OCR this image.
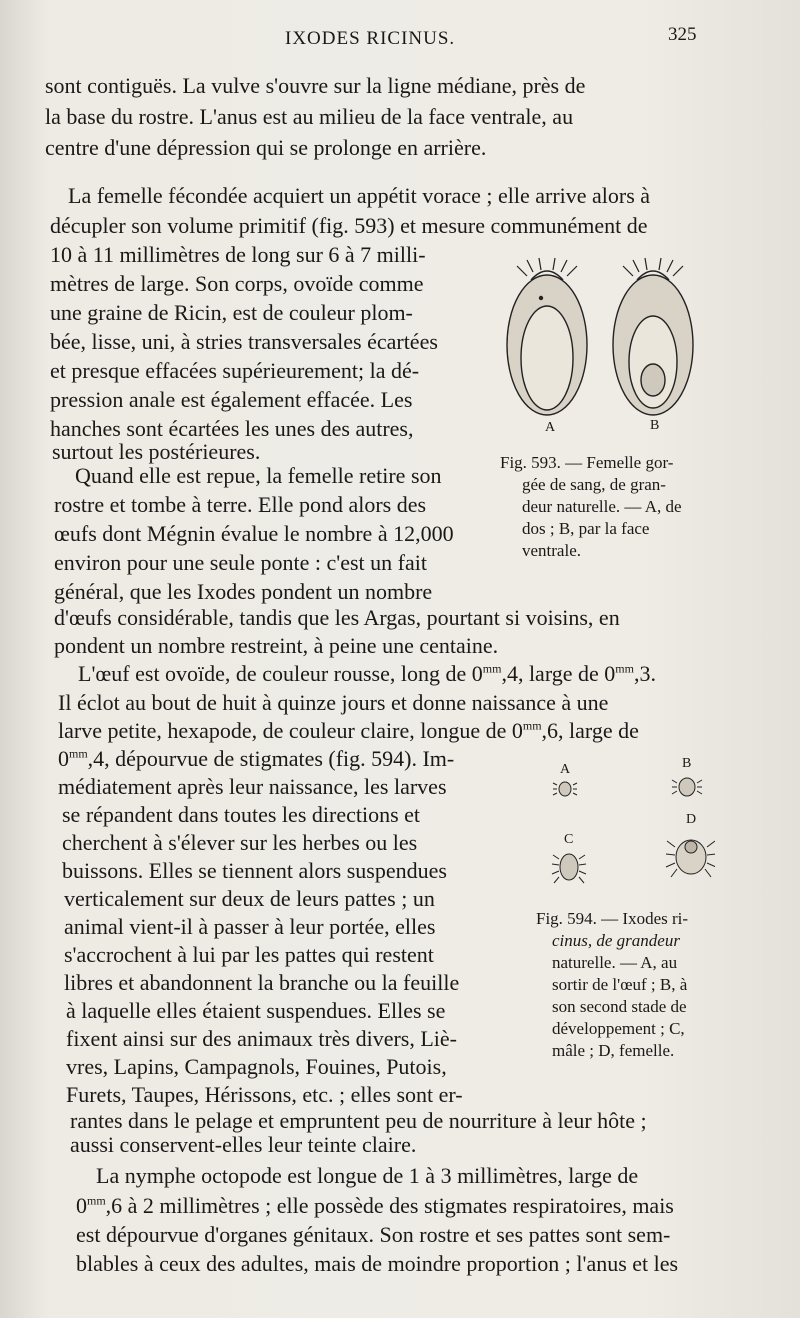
IXODES RICINUS.	325
sont contiguës. La vulve s'ouvre sur la ligne médiane, près de
la base du rostre. L'anus est au milieu de la face ventrale, au
centre d'une dépression qui se prolonge en arrière.
La femelle fécondée acquiert un appétit vorace ; elle arrive alors à
décupler son volume primitif (fig. 593) et mesure communément de
10 à 11 millimètres de long sur 6 à 7 milli-
mètres de large. Son corps, ovoïde comme
une graine de Ricin, est de couleur plom-
bée, lisse, uni, à stries transversales écartées
et presque effacées supérieurement; la dé-
pression anale est également effacée. Les
hanches sont écartées les unes des autres,
surtout les postérieures.
Quand elle est repue, la femelle retire son
rostre et tombe à terre. Elle pond alors des
œufs dont Mégnin évalue le nombre à 12,000
environ pour une seule ponte : c'est un fait
général, que les Ixodes pondent un nombre
d'œufs considérable, tandis que les Argas, pourtant si voisins, en
pondent un nombre restreint, à peine une centaine.
L'œuf est ovoïde, de couleur rousse, long de $0^{mm},4$, large de $0^{mm},3$.
Il éclot au bout de huit à quinze jours et donne naissance à une
larve petite, hexapode, de couleur claire, longue de $0^{mm},6$, large de
$0^{mm},4$, dépourvue de stigmates (fig. 594). Im-
médiatement après leur naissance, les larves
se répandent dans toutes les directions et
cherchent à s'élever sur les herbes ou les
buissons. Elles se tiennent alors suspendues
verticalement sur deux de leurs pattes ; un
animal vient-il à passer à leur portée, elles
s'accrochent à lui par les pattes qui restent
libres et abandonnent la branche ou la feuille
à laquelle elles étaient suspendues. Elles se
fixent ainsi sur des animaux très divers, Liè-
vres, Lapins, Campagnols, Fouines, Putois,
Furets, Taupes, Hérissons, etc. ; elles sont er-
rantes dans le pelage et empruntent peu de nourriture à leur hôte ;
aussi conservent-elles leur teinte claire.
La nymphe octopode est longue de 1 à 3 millimètres, large de
$0^{mm},6$ à 2 millimètres ; elle possède des stigmates respiratoires, mais
est dépourvue d'organes génitaux. Son rostre et ses pattes sont sem-
blables à ceux des adultes, mais de moindre proportion ; l'anus et les
A	B
Fig. 593. — Femelle gor-
gée de sang, de gran-
deur naturelle. — A, de
dos ; B, par la face
ventrale.
A	B
C
D
Fig. 594. — Ixodes ri-
cinus, de grandeur
naturelle. — A, au
sortir de l'œuf ; B, à
son second stade de
développement ; C,
mâle ; D, femelle.
